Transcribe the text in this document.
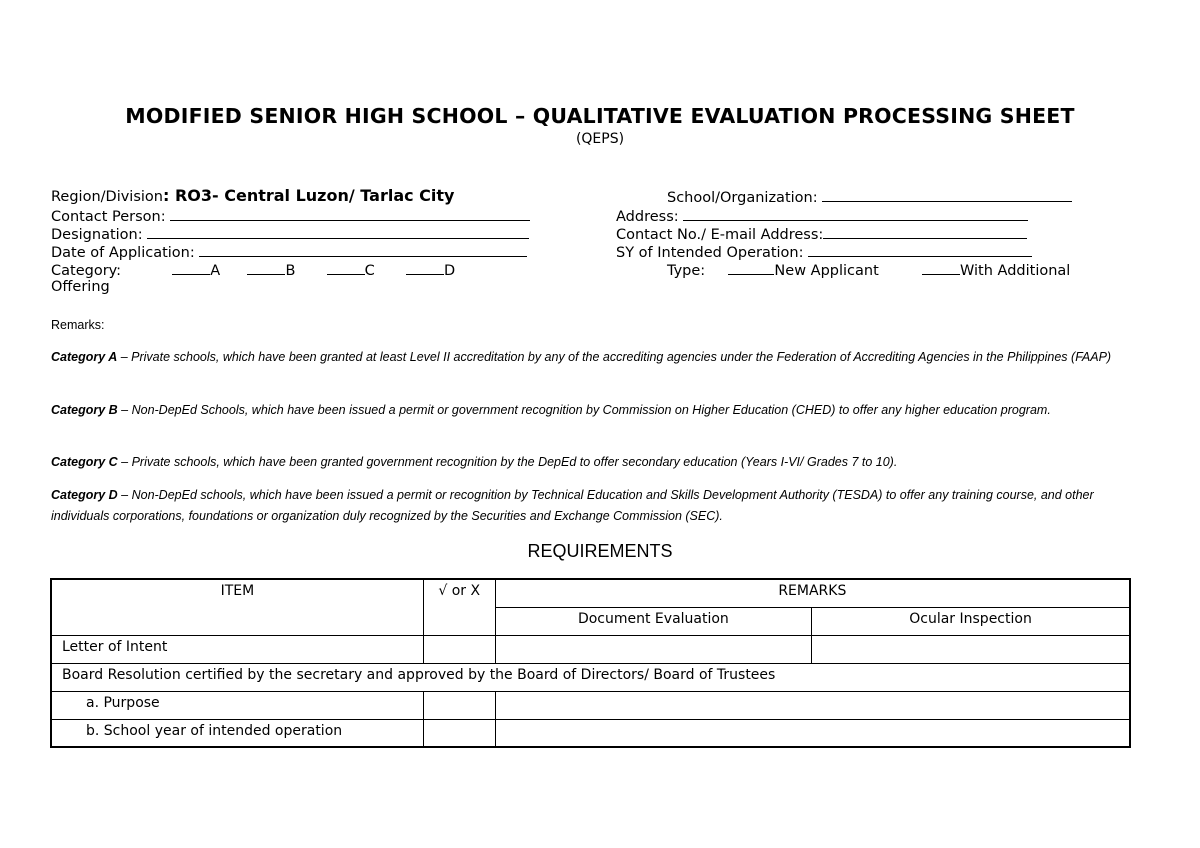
MODIFIED SENIOR HIGH SCHOOL – QUALITATIVE EVALUATION PROCESSING SHEET
(QEPS)
Region/Division: RO3- Central Luzon/ Tarlac City
Contact Person:
Designation:
Date of Application:
Category:	A	B	C	D
Offering
School/Organization:
Address:
Contact No./ E-mail Address:
SY of Intended Operation:
Type:	New Applicant	With Additional
Remarks:
Category A – Private schools, which have been granted at least Level II accreditation by any of the accrediting agencies under the Federation of Accrediting Agencies in the Philippines (FAAP)
Category B – Non-DepEd Schools, which have been issued a permit or government recognition by Commission on Higher Education (CHED) to offer any higher education program.
Category C – Private schools, which have been granted government recognition by the DepEd to offer secondary education (Years I-VI/ Grades 7 to 10).
Category D – Non-DepEd schools, which have been issued a permit or recognition by Technical Education and Skills Development Authority (TESDA) to offer any training course, and other individuals corporations, foundations or organization duly recognized by the Securities and Exchange Commission (SEC).
REQUIREMENTS
ITEM	√ or X	REMARKS	
		Document Evaluation	Ocular Inspection
Letter of Intent			
Board Resolution certified by the secretary and approved by the Board of Directors/ Board of Trustees			
a. Purpose			
b. School year of intended operation			
